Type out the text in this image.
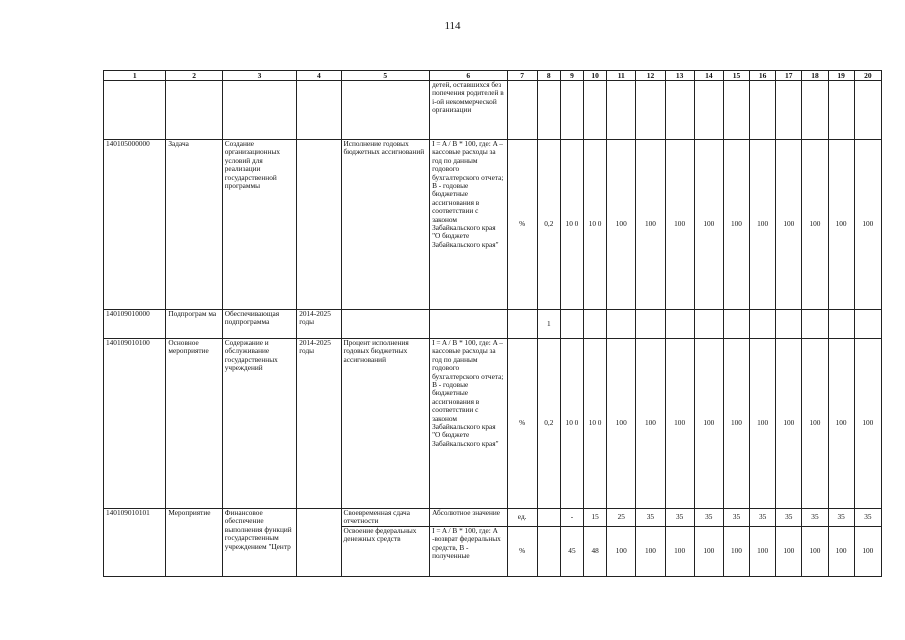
114
1	2	3	4	5	6	7	8	9	10	11	12	13	14	15	16	17	18	19	20
					детей, оставшихся без попечения родителей в i-ой некоммерческой организации														
140105000000	Задача	Создание организационных условий для реализации государственной программы		Исполнение годовых бюджетных ассигнований	I = A / B * 100, где: A – кассовые расходы за год по данным годового бухгалтерского отчета; B - годовые бюджетные ассигнования в соответствии с законом Забайкальского края "О бюджете Забайкальского края"	%	0,2	10 0	10 0	100	100	100	100	100	100	100	100	100	100
140109010000	Подпрограм ма	Обеспечивающая подпрограмма	2014-2025 годы				1												
140109010100	Основное мероприятие	Содержание и обслуживание государственных учреждений	2014-2025 годы	Процент исполнения годовых бюджетных ассигнований	I = A / B * 100, где: A – кассовые расходы за год по данным годового бухгалтерского отчета; B - годовые бюджетные ассигнования в соответствии с законом Забайкальского края "О бюджете Забайкальского края"	%	0,2	10 0	10 0	100	100	100	100	100	100	100	100	100	100
140109010101	Мероприятие	Финансовое обеспечение выполнения функций государственным учреждением "Центр		Своевременная сдача отчетности	Абсолютное значение	ед.		-	15	25	35	35	35	35	35	35	35	35	35
				Освоение федеральных денежных средств	I = A / B * 100, где: A -возврат федеральных средств, B - полученные	%		45	48	100	100	100	100	100	100	100	100	100	100
